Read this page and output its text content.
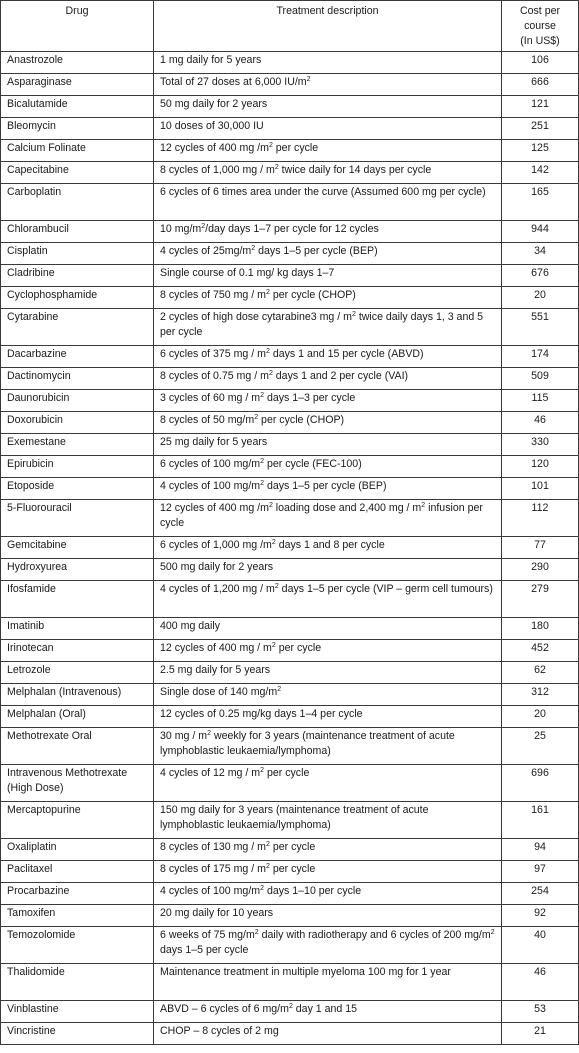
Drug	Treatment description	Cost per course
(In US$)
Anastrozole	1 mg daily for 5 years	106
Asparaginase	Total of 27 doses at 6,000 $IU/m^2$	666
Bicalutamide	50 mg daily for 2 years	121
Bleomycin	10 doses of 30,000 IU	251
Calcium Folinate	12 cycles of 400 mg $/m^2$ per cycle	125
Capecitabine	8 cycles of 1,000 mg / $m^2$ twice daily for 14 days per cycle	142
Carboplatin	6 cycles of 6 times area under the curve (Assumed 600 mg per cycle)	165
Chlorambucil	10 $mg/m^2$/day days 1–7 per cycle for 12 cycles	944
Cisplatin	4 cycles of $25mg/m^2$ days 1–5 per cycle (BEP)	34
Cladribine	Single course of 0.1 mg/ kg days 1–7	676
Cyclophosphamide	8 cycles of 750 mg / $m^2$ per cycle (CHOP)	20
Cytarabine	2 cycles of high dose cytarabine3 mg / $m^2$ twice daily days 1, 3 and 5 per cycle	551
Dacarbazine	6 cycles of 375 mg / $m^2$ days 1 and 15 per cycle (ABVD)	174
Dactinomycin	8 cycles of 0.75 mg / $m^2$ days 1 and 2 per cycle (VAI)	509
Daunorubicin	3 cycles of 60 mg / $m^2$ days 1–3 per cycle	115
Doxorubicin	8 cycles of 50 $mg/m^2$ per cycle (CHOP)	46
Exemestane	25 mg daily for 5 years	330
Epirubicin	6 cycles of 100 $mg/m^2$ per cycle (FEC-100)	120
Etoposide	4 cycles of 100 $mg/m^2$ days 1–5 per cycle (BEP)	101
5-Fluorouracil	12 cycles of 400 mg $/m^2$ loading dose and 2,400 mg / $m^2$ infusion per cycle	112
Gemcitabine	6 cycles of 1,000 mg $/m^2$ days 1 and 8 per cycle	77
Hydroxyurea	500 mg daily for 2 years	290
Ifosfamide	4 cycles of 1,200 mg / $m^2$ days 1–5 per cycle (VIP – germ cell tumours)	279
Imatinib	400 mg daily	180
Irinotecan	12 cycles of 400 mg / $m^2$ per cycle	452
Letrozole	2.5 mg daily for 5 years	62
Melphalan (Intravenous)	Single dose of 140 $mg/m^2$	312
Melphalan (Oral)	12 cycles of 0.25 mg/kg days 1–4 per cycle	20
Methotrexate Oral	30 mg / $m^2$ weekly for 3 years (maintenance treatment of acute lymphoblastic leukaemia/lymphoma)	25
Intravenous Methotrexate (High Dose)	4 cycles of 12 mg / $m^2$ per cycle	696
Mercaptopurine	150 mg daily for 3 years (maintenance treatment of acute lymphoblastic leukaemia/lymphoma)	161
Oxaliplatin	8 cycles of 130 mg / $m^2$ per cycle	94
Paclitaxel	8 cycles of 175 mg / $m^2$ per cycle	97
Procarbazine	4 cycles of 100 $mg/m^2$ days 1–10 per cycle	254
Tamoxifen	20 mg daily for 10 years	92
Temozolomide	6 weeks of 75 $mg/m^2$ daily with radiotherapy and 6 cycles of 200 $mg/m^2$ days 1–5 per cycle	40
Thalidomide	Maintenance treatment in multiple myeloma 100 mg for 1 year	46
Vinblastine	ABVD – 6 cycles of 6 $mg/m^2$ day 1 and 15	53
Vincristine	CHOP – 8 cycles of 2 mg	21
